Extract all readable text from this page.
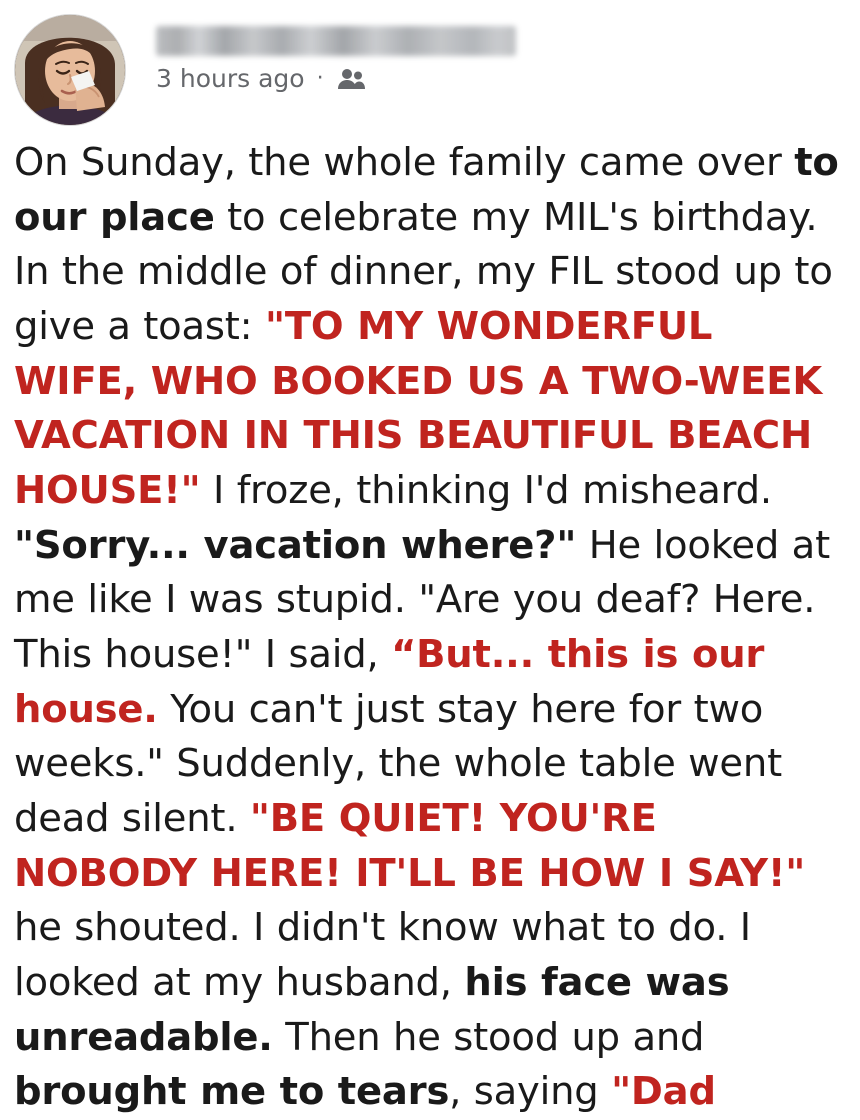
3 hours ago ·
On Sunday, the whole family came over to our place to celebrate my MIL's birthday. In the middle of dinner, my FIL stood up to give a toast: "TO MY WONDERFUL WIFE, WHO BOOKED US A TWO-WEEK VACATION IN THIS BEAUTIFUL BEACH HOUSE!" I froze, thinking I'd misheard. "Sorry... vacation where?" He looked at me like I was stupid. "Are you deaf? Here. This house!" I said, “But... this is our house. You can't just stay here for two weeks." Suddenly, the whole table went dead silent. "BE QUIET! YOU'RE NOBODY HERE! IT'LL BE HOW I SAY!" he shouted. I didn't know what to do. I looked at my husband, his face was unreadable. Then he stood up and brought me to tears, saying "Dad
